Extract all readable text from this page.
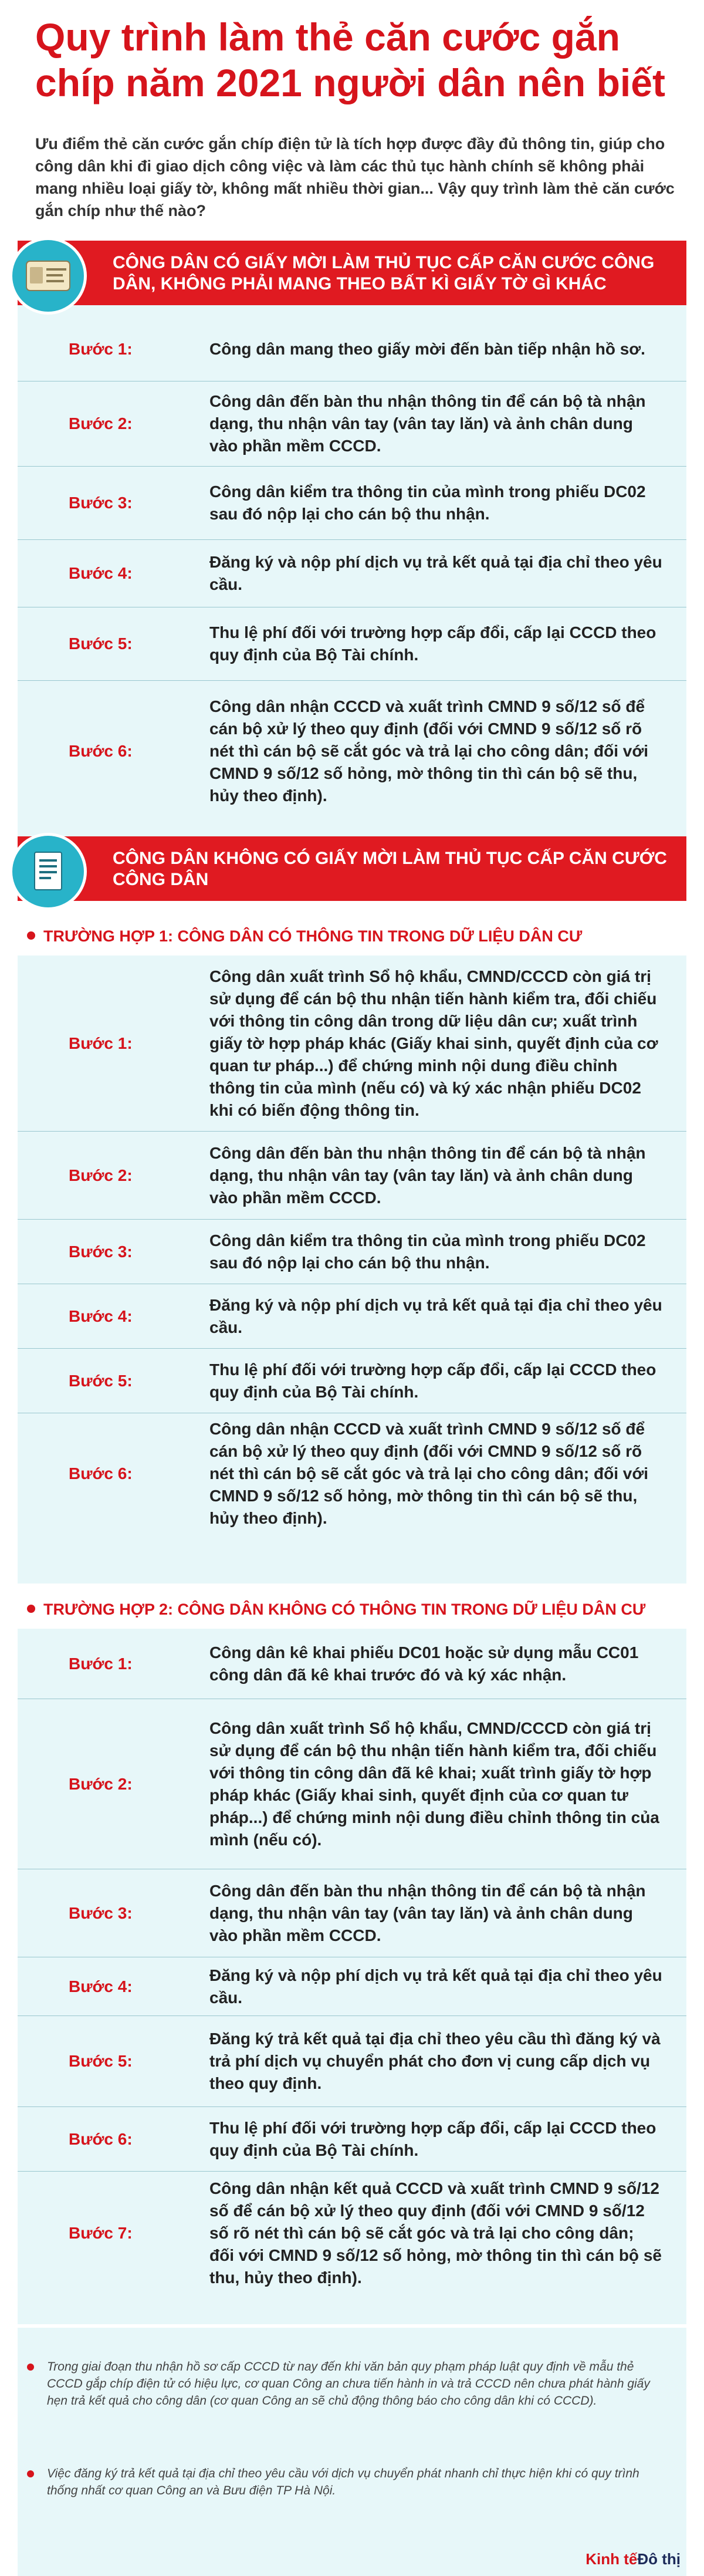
Quy trình làm thẻ căn cước gắn chíp năm 2021 người dân nên biết
Ưu điểm thẻ căn cước gắn chíp điện tử là tích hợp được đầy đủ thông tin, giúp cho công dân khi đi giao dịch công việc và làm các thủ tục hành chính sẽ không phải mang nhiều loại giấy tờ, không mất nhiều thời gian... Vậy quy trình làm thẻ căn cước gắn chíp như thế nào?
CÔNG DÂN CÓ GIẤY MỜI LÀM THỦ TỤC CẤP CĂN CƯỚC CÔNG DÂN, KHÔNG PHẢI MANG THEO BẤT KÌ GIẤY TỜ GÌ KHÁC
Bước 1:	Công dân mang theo giấy mời đến bàn tiếp nhận hồ sơ.
Bước 2:
Công dân đến bàn thu nhận thông tin để cán bộ tà nhận dạng, thu nhận vân tay (vân tay lăn) và ảnh chân dung vào phần mềm CCCD.
Bước 3:
Công dân kiểm tra thông tin của mình trong phiếu DC02 sau đó nộp lại cho cán bộ thu nhận.
Bước 4:
Đăng ký và nộp phí dịch vụ trả kết quả tại địa chỉ theo yêu cầu.
Bước 5:
Thu lệ phí đối với trường hợp cấp đổi, cấp lại CCCD theo quy định của Bộ Tài chính.
Bước 6:
Công dân nhận CCCD và xuất trình CMND 9 số/12 số để cán bộ xử lý theo quy định (đối với CMND 9 số/12 số rõ nét thì cán bộ sẽ cắt góc và trả lại cho công dân; đối với CMND 9 số/12 số hỏng, mờ thông tin thì cán bộ sẽ thu, hủy theo định).
CÔNG DÂN KHÔNG CÓ GIẤY MỜI LÀM THỦ TỤC CẤP CĂN CƯỚC CÔNG DÂN
TRƯỜNG HỢP 1: CÔNG DÂN CÓ THÔNG TIN TRONG DỮ LIỆU DÂN CƯ
Bước 1:
Công dân xuất trình Sổ hộ khẩu, CMND/CCCD còn giá trị sử dụng để cán bộ thu nhận tiến hành kiểm tra, đối chiếu với thông tin công dân trong dữ liệu dân cư; xuất trình giấy tờ hợp pháp khác (Giấy khai sinh, quyết định của cơ quan tư pháp...) để chứng minh nội dung điều chỉnh thông tin của mình (nếu có) và ký xác nhận phiếu DC02 khi có biến động thông tin.
Bước 2:
Công dân đến bàn thu nhận thông tin để cán bộ tà nhận dạng, thu nhận vân tay (vân tay lăn) và ảnh chân dung vào phần mềm CCCD.
Bước 3:
Công dân kiểm tra thông tin của mình trong phiếu DC02 sau đó nộp lại cho cán bộ thu nhận.
Bước 4:
Đăng ký và nộp phí dịch vụ trả kết quả tại địa chỉ theo yêu cầu.
Bước 5:
Thu lệ phí đối với trường hợp cấp đổi, cấp lại CCCD theo quy định của Bộ Tài chính.
Bước 6:
Công dân nhận CCCD và xuất trình CMND 9 số/12 số để cán bộ xử lý theo quy định (đối với CMND 9 số/12 số rõ nét thì cán bộ sẽ cắt góc và trả lại cho công dân; đối với CMND 9 số/12 số hỏng, mờ thông tin thì cán bộ sẽ thu, hủy theo định).
TRƯỜNG HỢP 2: CÔNG DÂN KHÔNG CÓ THÔNG TIN TRONG DỮ LIỆU DÂN CƯ
Bước 1:
Công dân kê khai phiếu DC01 hoặc sử dụng mẫu CC01 công dân đã kê khai trước đó và ký xác nhận.
Bước 2:
Công dân xuất trình Sổ hộ khẩu, CMND/CCCD còn giá trị sử dụng để cán bộ thu nhận tiến hành kiểm tra, đối chiếu với thông tin công dân đã kê khai; xuất trình giấy tờ hợp pháp khác (Giấy khai sinh, quyết định của cơ quan tư pháp...) để chứng minh nội dung điều chỉnh thông tin của mình (nếu có).
Bước 3:
Công dân đến bàn thu nhận thông tin để cán bộ tà nhận dạng, thu nhận vân tay (vân tay lăn) và ảnh chân dung vào phần mềm CCCD.
Bước 4:
Đăng ký và nộp phí dịch vụ trả kết quả tại địa chỉ theo yêu cầu.
Bước 5:
Đăng ký trả kết quả tại địa chỉ theo yêu cầu thì đăng ký và trả phí dịch vụ chuyển phát cho đơn vị cung cấp dịch vụ theo quy định.
Bước 6:
Thu lệ phí đối với trường hợp cấp đổi, cấp lại CCCD theo quy định của Bộ Tài chính.
Bước 7:
Công dân nhận kết quả CCCD và xuất trình CMND 9 số/12 số để cán bộ xử lý theo quy định (đối với CMND 9 số/12 số rõ nét thì cán bộ sẽ cắt góc và trả lại cho công dân; đối với CMND 9 số/12 số hỏng, mờ thông tin thì cán bộ sẽ thu, hủy theo định).
Trong giai đoạn thu nhận hồ sơ cấp CCCD từ nay đến khi văn bản quy phạm pháp luật quy định về mẫu thẻ CCCD gắp chíp điện tử có hiệu lực, cơ quan Công an chưa tiến hành in và trả CCCD nên chưa phát hành giấy hẹn trả kết quả cho công dân (cơ quan Công an sẽ chủ động thông báo cho công dân khi có CCCD).
Việc đăng ký trả kết quả tại địa chỉ theo yêu cầu với dịch vụ chuyển phát nhanh chỉ thực hiện khi có quy trình thống nhất cơ quan Công an và Bưu điện TP Hà Nội.
Kinh tếĐô thị
